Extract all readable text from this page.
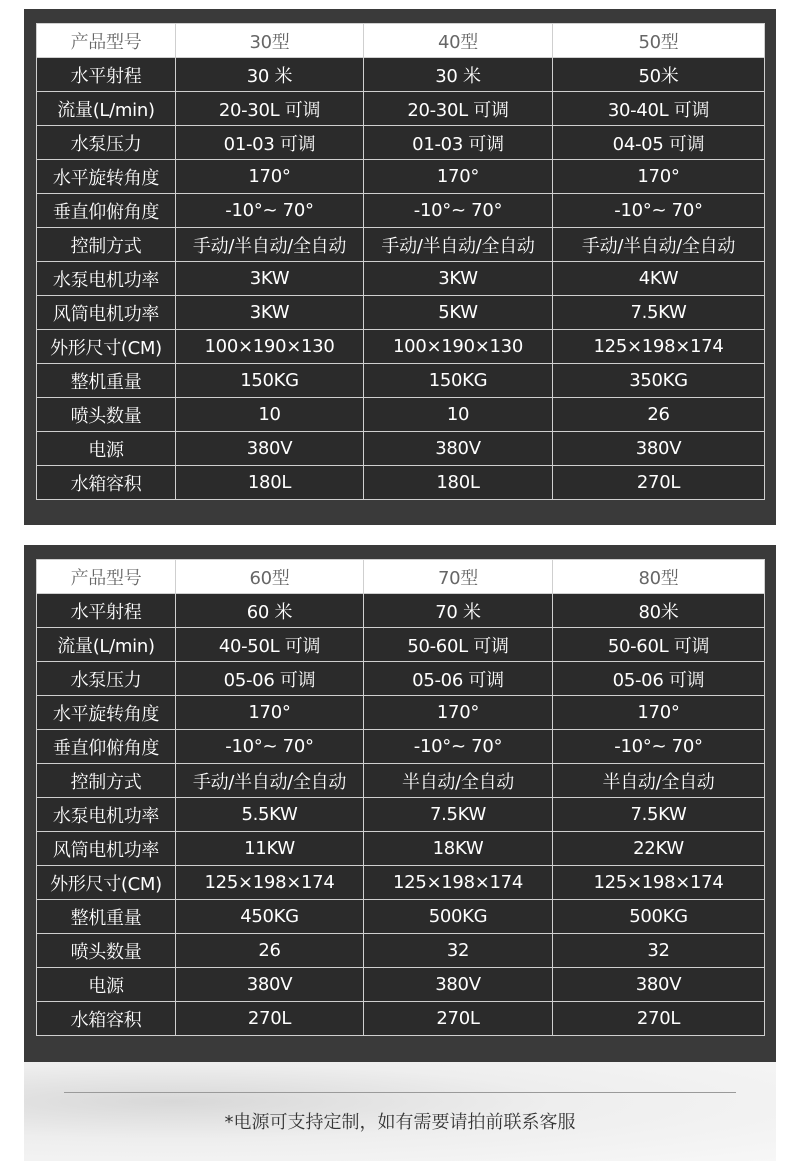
产品型号	30型	40型	50型
水平射程	30 米	30 米	50米
流量(L/min)	20-30L 可调	20-30L 可调	30-40L 可调
水泵压力	01-03 可调	01-03 可调	04-05 可调
水平旋转角度	170°	170°	170°
垂直仰俯角度	-10°~ 70°	-10°~ 70°	-10°~ 70°
控制方式	手动/半自动/全自动	手动/半自动/全自动	手动/半自动/全自动
水泵电机功率	3KW	3KW	4KW
风筒电机功率	3KW	5KW	7.5KW
外形尺寸(CM)	100×190×130	100×190×130	125×198×174
整机重量	150KG	150KG	350KG
喷头数量	10	10	26
电源	380V	380V	380V
水箱容积	180L	180L	270L
产品型号	60型	70型	80型
水平射程	60 米	70 米	80米
流量(L/min)	40-50L 可调	50-60L 可调	50-60L 可调
水泵压力	05-06 可调	05-06 可调	05-06 可调
水平旋转角度	170°	170°	170°
垂直仰俯角度	-10°~ 70°	-10°~ 70°	-10°~ 70°
控制方式	手动/半自动/全自动	半自动/全自动	半自动/全自动
水泵电机功率	5.5KW	7.5KW	7.5KW
风筒电机功率	11KW	18KW	22KW
外形尺寸(CM)	125×198×174	125×198×174	125×198×174
整机重量	450KG	500KG	500KG
喷头数量	26	32	32
电源	380V	380V	380V
水箱容积	270L	270L	270L
*电源可支持定制，如有需要请拍前联系客服
